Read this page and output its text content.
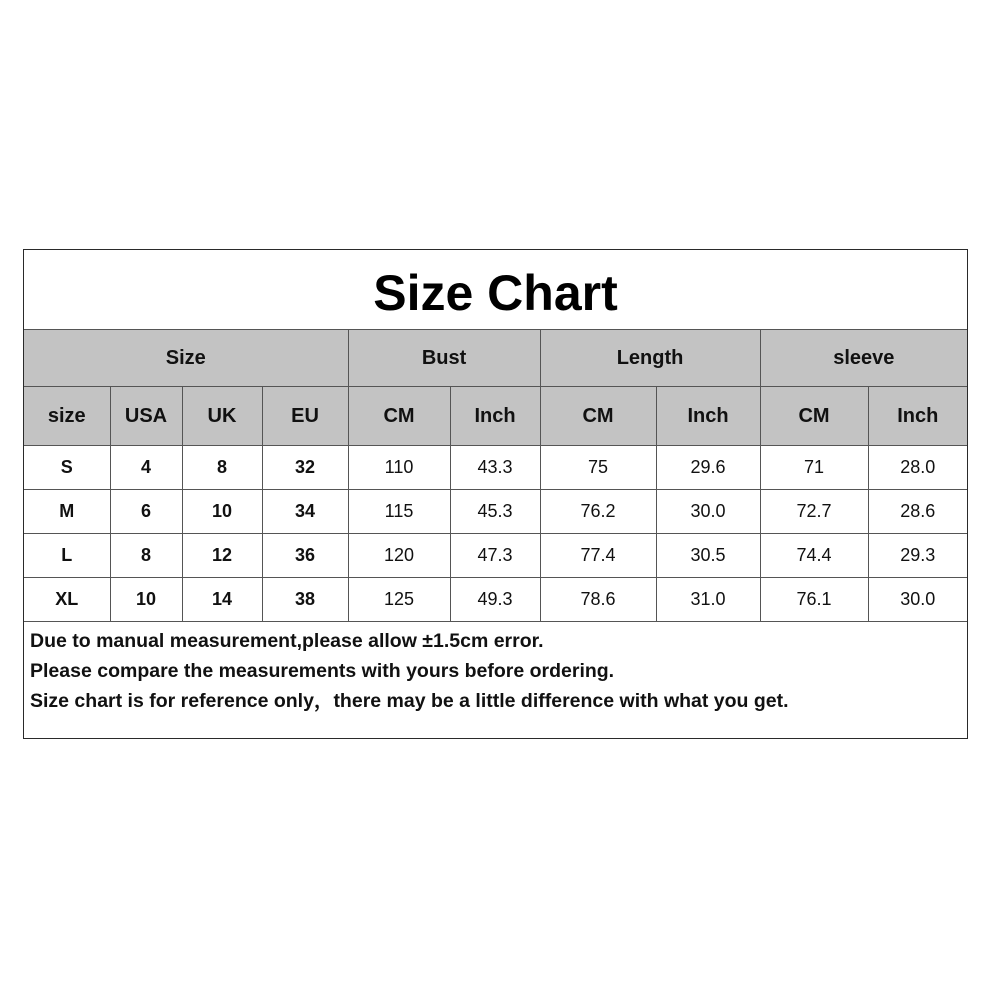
Size Chart
Size				Bust		Length		sleeve	
size	USA	UK	EU	CM	Inch	CM	Inch	CM	Inch
S	4	8	32	110	43.3	75	29.6	71	28.0
M	6	10	34	115	45.3	76.2	30.0	72.7	28.6
L	8	12	36	120	47.3	77.4	30.5	74.4	29.3
XL	10	14	38	125	49.3	78.6	31.0	76.1	30.0
Due to manual measurement,please allow ±1.5cm error.
Please compare the measurements with yours before ordering.
Size chart is for reference only，there may be a little difference with what you get.
